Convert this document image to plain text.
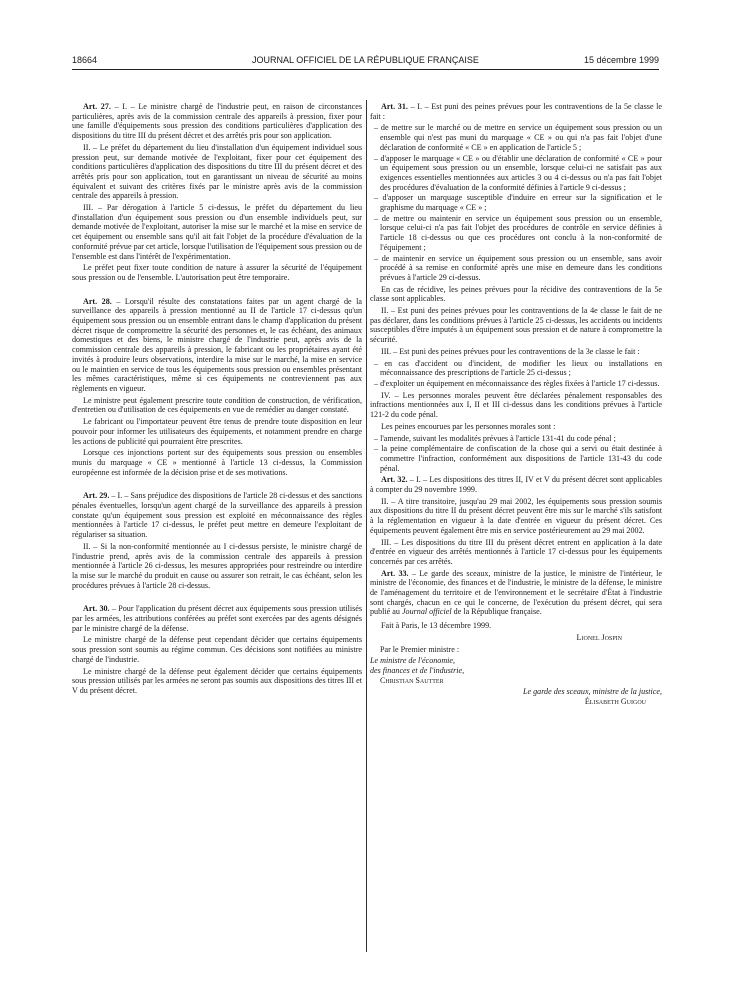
18664	JOURNAL OFFICIEL DE LA RÉPUBLIQUE FRANÇAISE	15 décembre 1999

Art. 27. – I. – Le ministre chargé de l'industrie peut, en raison de circonstances particulières, après avis de la commission centrale des appareils à pression, fixer pour une famille d'équipements sous pression des conditions particulières d'application des dispositions du titre III du présent décret et des arrêtés pris pour son application.

II. – Le préfet du département du lieu d'installation d'un équipement individuel sous pression peut, sur demande motivée de l'exploitant, fixer pour cet équipement des conditions particulières d'application des dispositions du titre III du présent décret et des arrêtés pris pour son application, tout en garantissant un niveau de sécurité au moins équivalent et suivant des critères fixés par le ministre après avis de la commission centrale des appareils à pression.

III. – Par dérogation à l'article 5 ci-dessus, le préfet du département du lieu d'installation d'un équipement sous pression ou d'un ensemble individuels peut, sur demande motivée de l'exploitant, autoriser la mise sur le marché et la mise en service de cet équipement ou ensemble sans qu'il ait fait l'objet de la procédure d'évaluation de la conformité prévue par cet article, lorsque l'utilisation de l'équipement sous pression ou de l'ensemble est dans l'intérêt de l'expérimentation.

Le préfet peut fixer toute condition de nature à assurer la sécurité de l'équipement sous pression ou de l'ensemble. L'autorisation peut être temporaire.

Art. 28. – Lorsqu'il résulte des constatations faites par un agent chargé de la surveillance des appareils à pression mentionné au II de l'article 17 ci-dessus qu'un équipement sous pression ou un ensemble entrant dans le champ d'application du présent décret risque de compromettre la sécurité des personnes et, le cas échéant, des animaux domestiques et des biens, le ministre chargé de l'industrie peut, après avis de la commission centrale des appareils à pression, le fabricant ou les propriétaires ayant été invités à produire leurs observations, interdire la mise sur le marché, la mise en service ou le maintien en service de tous les équipements sous pression ou ensembles présentant les mêmes caractéristiques, même si ces équipements ne contreviennent pas aux règlements en vigueur.

Le ministre peut également prescrire toute condition de construction, de vérification, d'entretien ou d'utilisation de ces équipements en vue de remédier au danger constaté.

Le fabricant ou l'importateur peuvent être tenus de prendre toute disposition en leur pouvoir pour informer les utilisateurs des équipements, et notamment prendre en charge les actions de publicité qui pourraient être prescrites.

Lorsque ces injonctions portent sur des équipements sous pression ou ensembles munis du marquage « CE » mentionné à l'article 13 ci-dessus, la Commission européenne est informée de la décision prise et de ses motivations.

Art. 29. – I. – Sans préjudice des dispositions de l'article 28 ci-dessus et des sanctions pénales éventuelles, lorsqu'un agent chargé de la surveillance des appareils à pression constate qu'un équipement sous pression est exploité en méconnaissance des règles mentionnées à l'article 17 ci-dessus, le préfet peut mettre en demeure l'exploitant de régulariser sa situation.

II. – Si la non-conformité mentionnée au I ci-dessus persiste, le ministre chargé de l'industrie prend, après avis de la commission centrale des appareils à pression mentionnée à l'article 26 ci-dessus, les mesures appropriées pour restreindre ou interdire la mise sur le marché du produit en cause ou assurer son retrait, le cas échéant, selon les procédures prévues à l'article 28 ci-dessus.

Art. 30. – Pour l'application du présent décret aux équipements sous pression utilisés par les armées, les attributions conférées au préfet sont exercées par des agents désignés par le ministre chargé de la défense.

Le ministre chargé de la défense peut cependant décider que certains équipements sous pression sont soumis au régime commun. Ces décisions sont notifiées au ministre chargé de l'industrie.

Le ministre chargé de la défense peut également décider que certains équipements sous pression utilisés par les armées ne seront pas soumis aux dispositions des titres III et V du présent décret.

Art. 31. – I. – Est puni des peines prévues pour les contraventions de la 5e classe le fait :

– de mettre sur le marché ou de mettre en service un équipement sous pression ou un ensemble qui n'est pas muni du marquage « CE » ou qui n'a pas fait l'objet d'une déclaration de conformité « CE » en application de l'article 5 ;
– d'apposer le marquage « CE » ou d'établir une déclaration de conformité « CE » pour un équipement sous pression ou un ensemble, lorsque celui-ci ne satisfait pas aux exigences essentielles mentionnées aux articles 3 ou 4 ci-dessus ou n'a pas fait l'objet des procédures d'évaluation de la conformité définies à l'article 9 ci-dessus ;
– d'apposer un marquage susceptible d'induire en erreur sur la signification et le graphisme du marquage « CE » ;
– de mettre ou maintenir en service un équipement sous pression ou un ensemble, lorsque celui-ci n'a pas fait l'objet des procédures de contrôle en service définies à l'article 18 ci-dessus ou que ces procédures ont conclu à la non-conformité de l'équipement ;
– de maintenir en service un équipement sous pression ou un ensemble, sans avoir procédé à sa remise en conformité après une mise en demeure dans les conditions prévues à l'article 29 ci-dessus.

En cas de récidive, les peines prévues pour la récidive des contraventions de la 5e classe sont applicables.

II. – Est puni des peines prévues pour les contraventions de la 4e classe le fait de ne pas déclarer, dans les conditions prévues à l'article 25 ci-dessus, les accidents ou incidents susceptibles d'être imputés à un équipement sous pression et de nature à compromettre la sécurité.

III. – Est puni des peines prévues pour les contraventions de la 3e classe le fait :

– en cas d'accident ou d'incident, de modifier les lieux ou installations en méconnaissance des prescriptions de l'article 25 ci-dessus ;
– d'exploiter un équipement en méconnaissance des règles fixées à l'article 17 ci-dessus.

IV. – Les personnes morales peuvent être déclarées pénalement responsables des infractions mentionnées aux I, II et III ci-dessus dans les conditions prévues à l'article 121-2 du code pénal.

Les peines encourues par les personnes morales sont :

– l'amende, suivant les modalités prévues à l'article 131-41 du code pénal ;
– la peine complémentaire de confiscation de la chose qui a servi ou était destinée à commettre l'infraction, conformément aux dispositions de l'article 131-43 du code pénal.

Art. 32. – I. – Les dispositions des titres II, IV et V du présent décret sont applicables à compter du 29 novembre 1999.

II. – A titre transitoire, jusqu'au 29 mai 2002, les équipements sous pression soumis aux dispositions du titre II du présent décret peuvent être mis sur le marché s'ils satisfont à la réglementation en vigueur à la date d'entrée en vigueur du présent décret. Ces équipements peuvent également être mis en service postérieurement au 29 mai 2002.

III. – Les dispositions du titre III du présent décret entrent en application à la date d'entrée en vigueur des arrêtés mentionnés à l'article 17 ci-dessus pour les équipements concernés par ces arrêtés.

Art. 33. – Le garde des sceaux, ministre de la justice, le ministre de l'intérieur, le ministre de l'économie, des finances et de l'industrie, le ministre de la défense, le ministre de l'aménagement du territoire et de l'environnement et le secrétaire d'État à l'industrie sont chargés, chacun en ce qui le concerne, de l'exécution du présent décret, qui sera publié au Journal officiel de la République française.

Fait à Paris, le 13 décembre 1999.

Lionel Jospin

Par le Premier ministre :

Le ministre de l'économie,

des finances et de l'industrie,

Christian Sautter

Le garde des sceaux, ministre de la justice,

Élisabeth Guigou
